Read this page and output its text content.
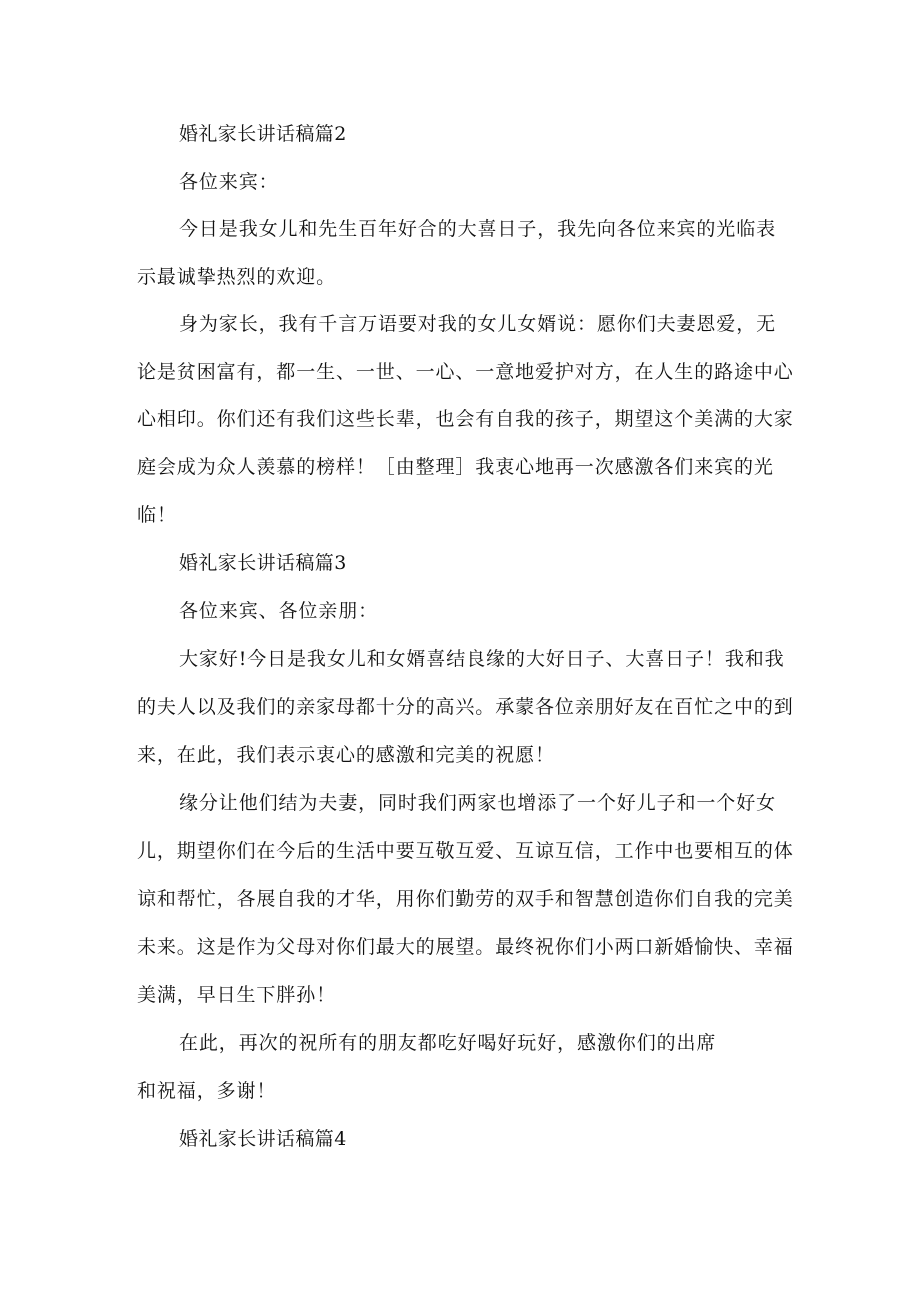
婚礼家长讲话稿篇2
各位来宾：
今日是我女儿和先生百年好合的大喜日子，我先向各位来宾的光临表
示最诚挚热烈的欢迎。
身为家长，我有千言万语要对我的女儿女婿说：愿你们夫妻恩爱，无
论是贫困富有，都一生、一世、一心、一意地爱护对方，在人生的路途中心
心相印。你们还有我们这些长辈，也会有自我的孩子，期望这个美满的大家
庭会成为众人羡慕的榜样！［由整理］我衷心地再一次感激各们来宾的光
临！
婚礼家长讲话稿篇3
各位来宾、各位亲朋：
大家好!今日是我女儿和女婿喜结良缘的大好日子、大喜日子！我和我
的夫人以及我们的亲家母都十分的高兴。承蒙各位亲朋好友在百忙之中的到
来，在此，我们表示衷心的感激和完美的祝愿！
缘分让他们结为夫妻，同时我们两家也增添了一个好儿子和一个好女
儿，期望你们在今后的生活中要互敬互爱、互谅互信，工作中也要相互的体
谅和帮忙，各展自我的才华，用你们勤劳的双手和智慧创造你们自我的完美
未来。这是作为父母对你们最大的展望。最终祝你们小两口新婚愉快、幸福
美满，早日生下胖孙！
在此，再次的祝所有的朋友都吃好喝好玩好，感激你们的出席
和祝福，多谢！
婚礼家长讲话稿篇4
